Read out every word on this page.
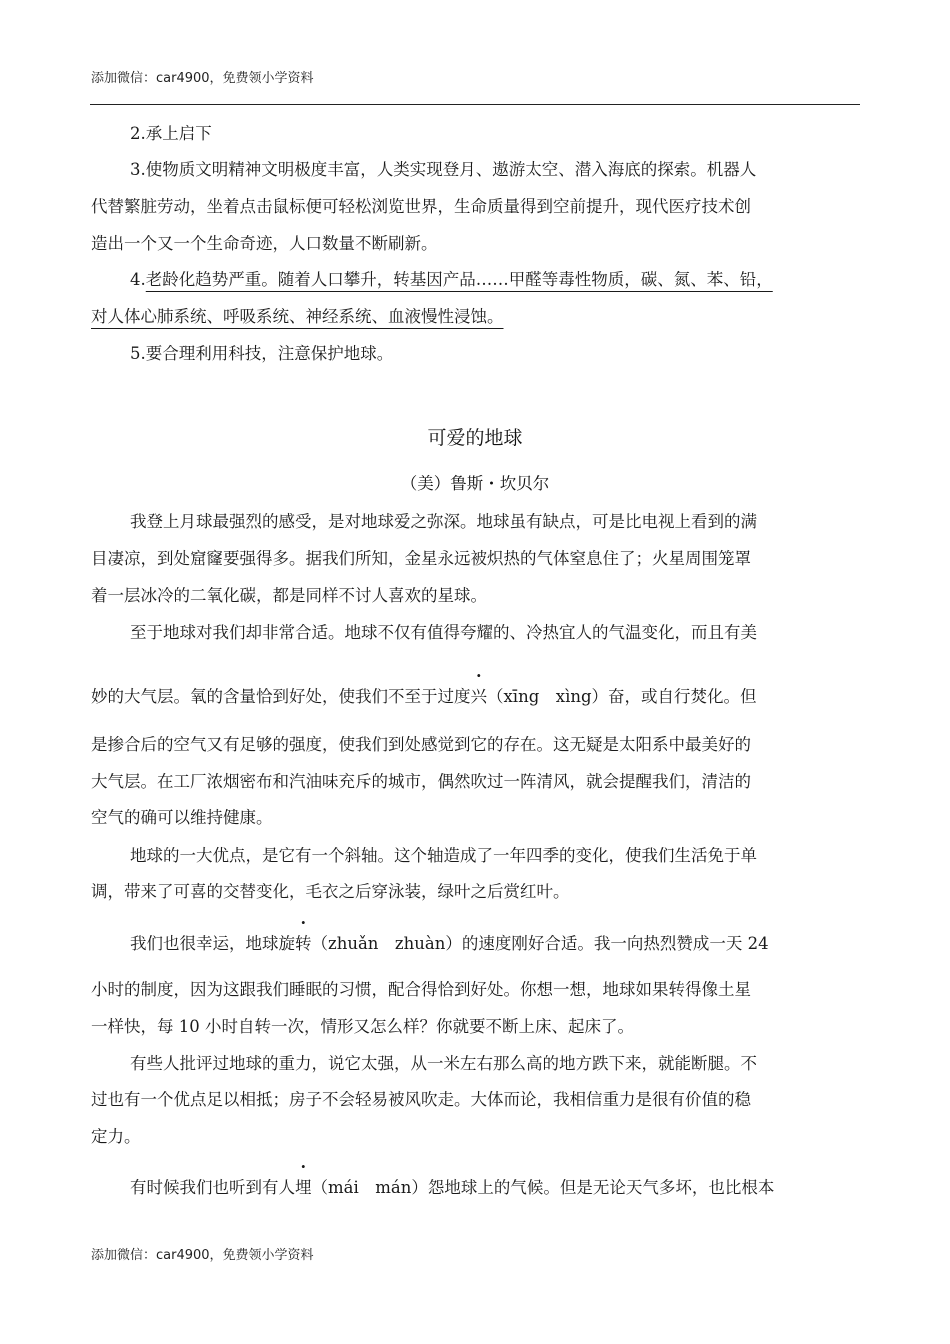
添加微信：car4900，免费领小学资料
2.承上启下
3.使物质文明精神文明极度丰富，人类实现登月、遨游太空、潜入海底的探索。机器人
代替繁脏劳动，坐着点击鼠标便可轻松浏览世界，生命质量得到空前提升，现代医疗技术创
造出一个又一个生命奇迹，人口数量不断刷新。
4.老龄化趋势严重。随着人口攀升，转基因产品……甲醛等毒性物质，碳、氮、苯、铅，
对人体心肺系统、呼吸系统、神经系统、血液慢性浸蚀。
5.要合理利用科技，注意保护地球。
可爱的地球
（美）鲁斯・坎贝尔
我登上月球最强烈的感受，是对地球爱之弥深。地球虽有缺点，可是比电视上看到的满
目凄凉，到处窟窿要强得多。据我们所知，金星永远被炽热的气体窒息住了；火星周围笼罩
着一层冰冷的二氧化碳，都是同样不讨人喜欢的星球。
至于地球对我们却非常合适。地球不仅有值得夸耀的、冷热宜人的气温变化，而且有美
妙的大气层。氧的含量恰到好处，使我们不至于过度兴（xīng　xìng）奋，或自行焚化。但
是掺合后的空气又有足够的强度，使我们到处感觉到它的存在。这无疑是太阳系中最美好的
大气层。在工厂浓烟密布和汽油味充斥的城市，偶然吹过一阵清风，就会提醒我们，清洁的
空气的确可以维持健康。
地球的一大优点，是它有一个斜轴。这个轴造成了一年四季的变化，使我们生活免于单
调，带来了可喜的交替变化，毛衣之后穿泳装，绿叶之后赏红叶。
我们也很幸运，地球旋转（zhuǎn　zhuàn）的速度刚好合适。我一向热烈赞成一天 24
小时的制度，因为这跟我们睡眠的习惯，配合得恰到好处。你想一想，地球如果转得像土星
一样快，每 10 小时自转一次，情形又怎么样？你就要不断上床、起床了。
有些人批评过地球的重力，说它太强，从一米左右那么高的地方跌下来，就能断腿。不
过也有一个优点足以相抵；房子不会轻易被风吹走。大体而论，我相信重力是很有价值的稳
定力。
有时候我们也听到有人埋（mái　mán）怨地球上的气候。但是无论天气多坏，也比根本
添加微信：car4900，免费领小学资料
